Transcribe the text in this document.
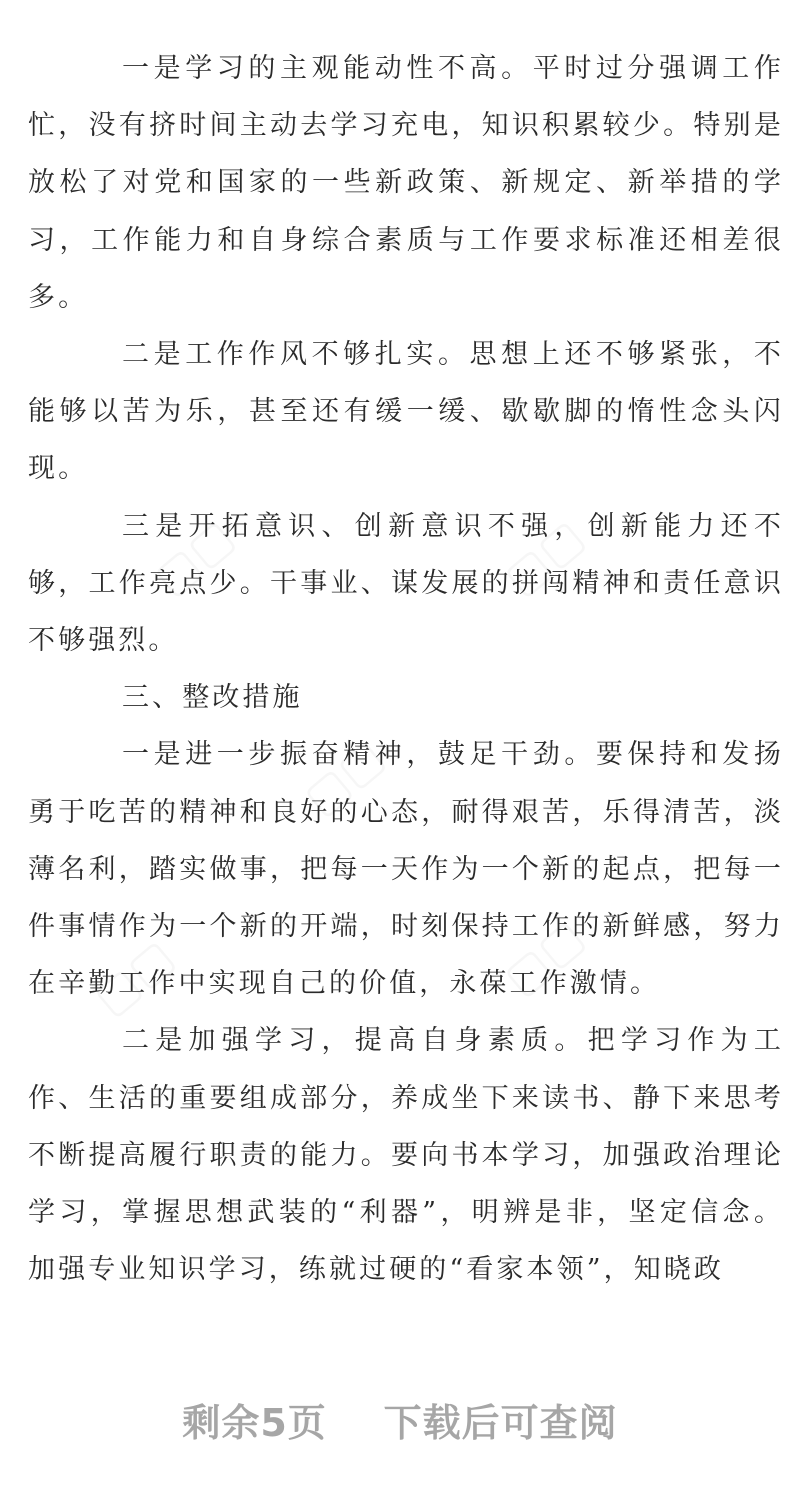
一是学习的主观能动性不高。平时过分强调工作忙，没有挤时间主动去学习充电，知识积累较少。特别是放松了对党和国家的一些新政策、新规定、新举措的学习，工作能力和自身综合素质与工作要求标准还相差很多。

二是工作作风不够扎实。思想上还不够紧张，不能够以苦为乐，甚至还有缓一缓、歇歇脚的惰性念头闪现。

三是开拓意识、创新意识不强，创新能力还不够，工作亮点少。干事业、谋发展的拼闯精神和责任意识不够强烈。

三、整改措施

一是进一步振奋精神，鼓足干劲。要保持和发扬勇于吃苦的精神和良好的心态，耐得艰苦，乐得清苦，淡薄名利，踏实做事，把每一天作为一个新的起点，把每一件事情作为一个新的开端，时刻保持工作的新鲜感，努力在辛勤工作中实现自己的价值，永葆工作激情。

二是加强学习，提高自身素质。把学习作为工作、生活的重要组成部分，养成坐下来读书、静下来思考不断提高履行职责的能力。要向书本学习，加强政治理论学习，掌握思想武装的“利器”，明辨是非，坚定信念。加强专业知识学习，练就过硬的“看家本领”，知晓政

剩余5页    下载后可查阅
